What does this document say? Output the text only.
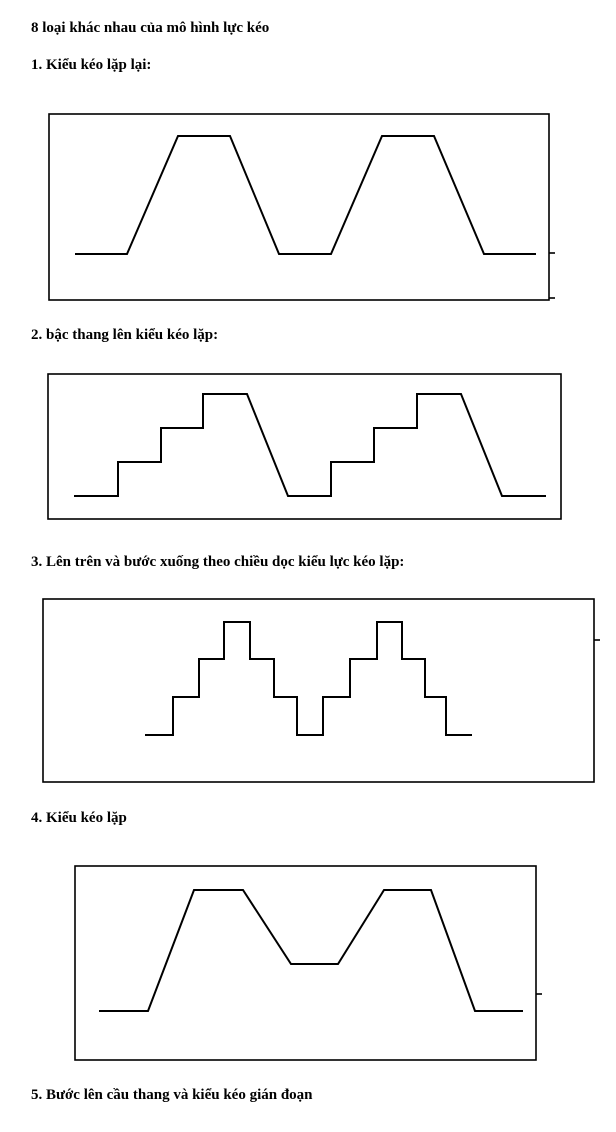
8 loại khác nhau của mô hình lực kéo
1. Kiểu kéo lặp lại:
2. bậc thang lên kiểu kéo lặp:
3. Lên trên và bước xuống theo chiều dọc kiểu lực kéo lặp:
4. Kiểu kéo lặp
5. Bước lên cầu thang và kiểu kéo gián đoạn
